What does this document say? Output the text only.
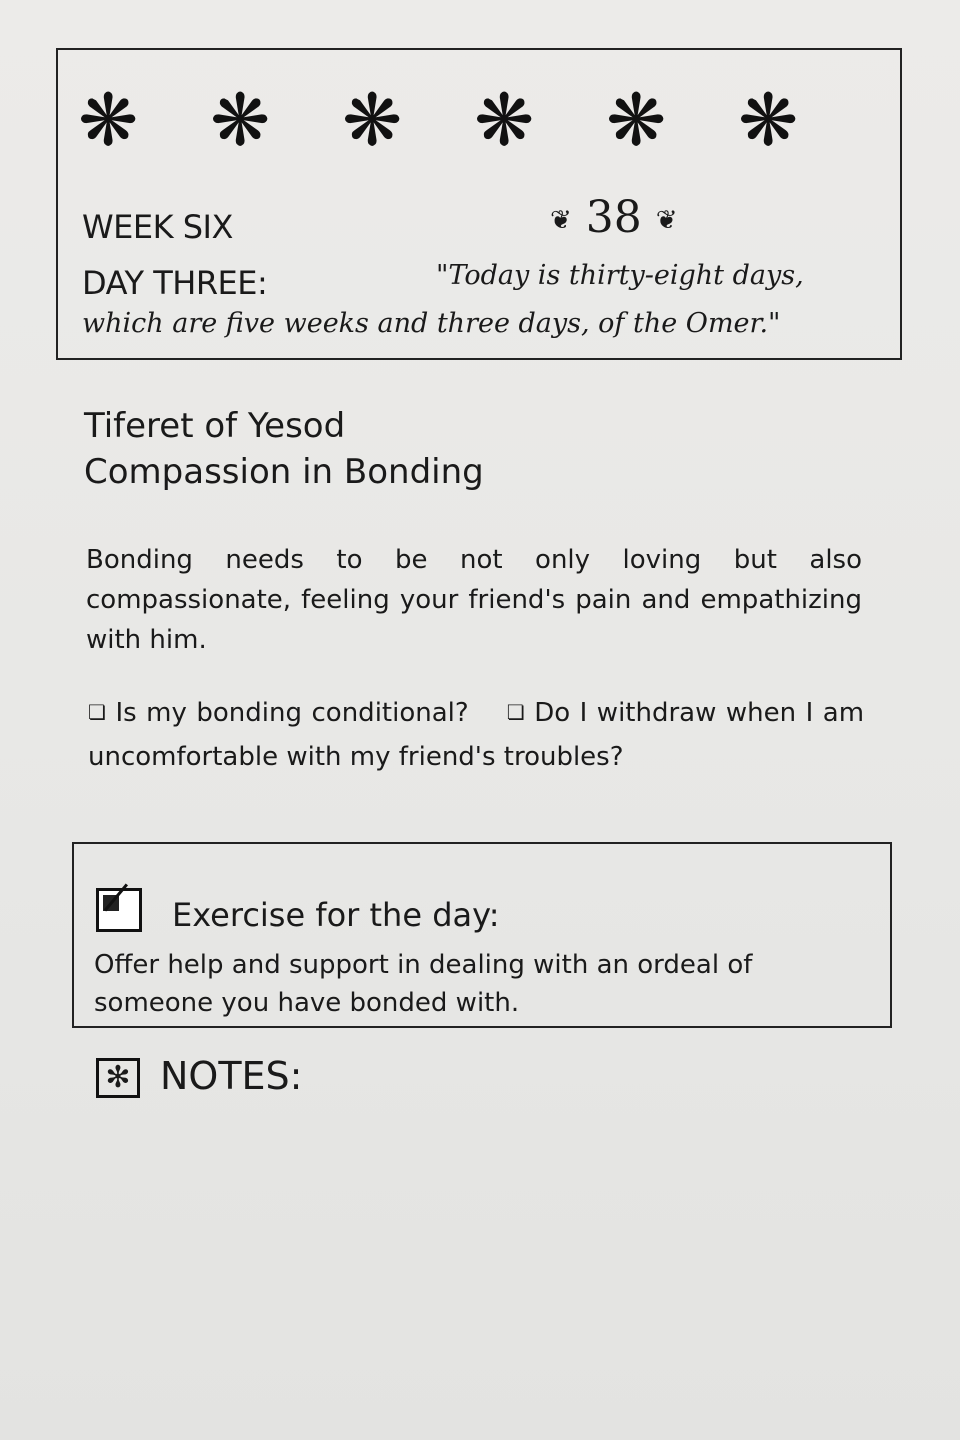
❋ ❋ ❋ ❋ ❋ ❋
WEEK SIX
DAY THREE:
❦ 38 ❦
"Today is thirty-eight days,
which are five weeks and three days, of the Omer."
Tiferet of Yesod
Compassion in Bonding
Bonding needs to be not only loving but also compassionate, feeling your friend's pain and empathizing with him.
❏ Is my bonding conditional? ❏ Do I withdraw when I am uncomfortable with my friend's troubles?
Exercise for the day:
Offer help and support in dealing with an ordeal of someone you have bonded with.
✻ NOTES:
